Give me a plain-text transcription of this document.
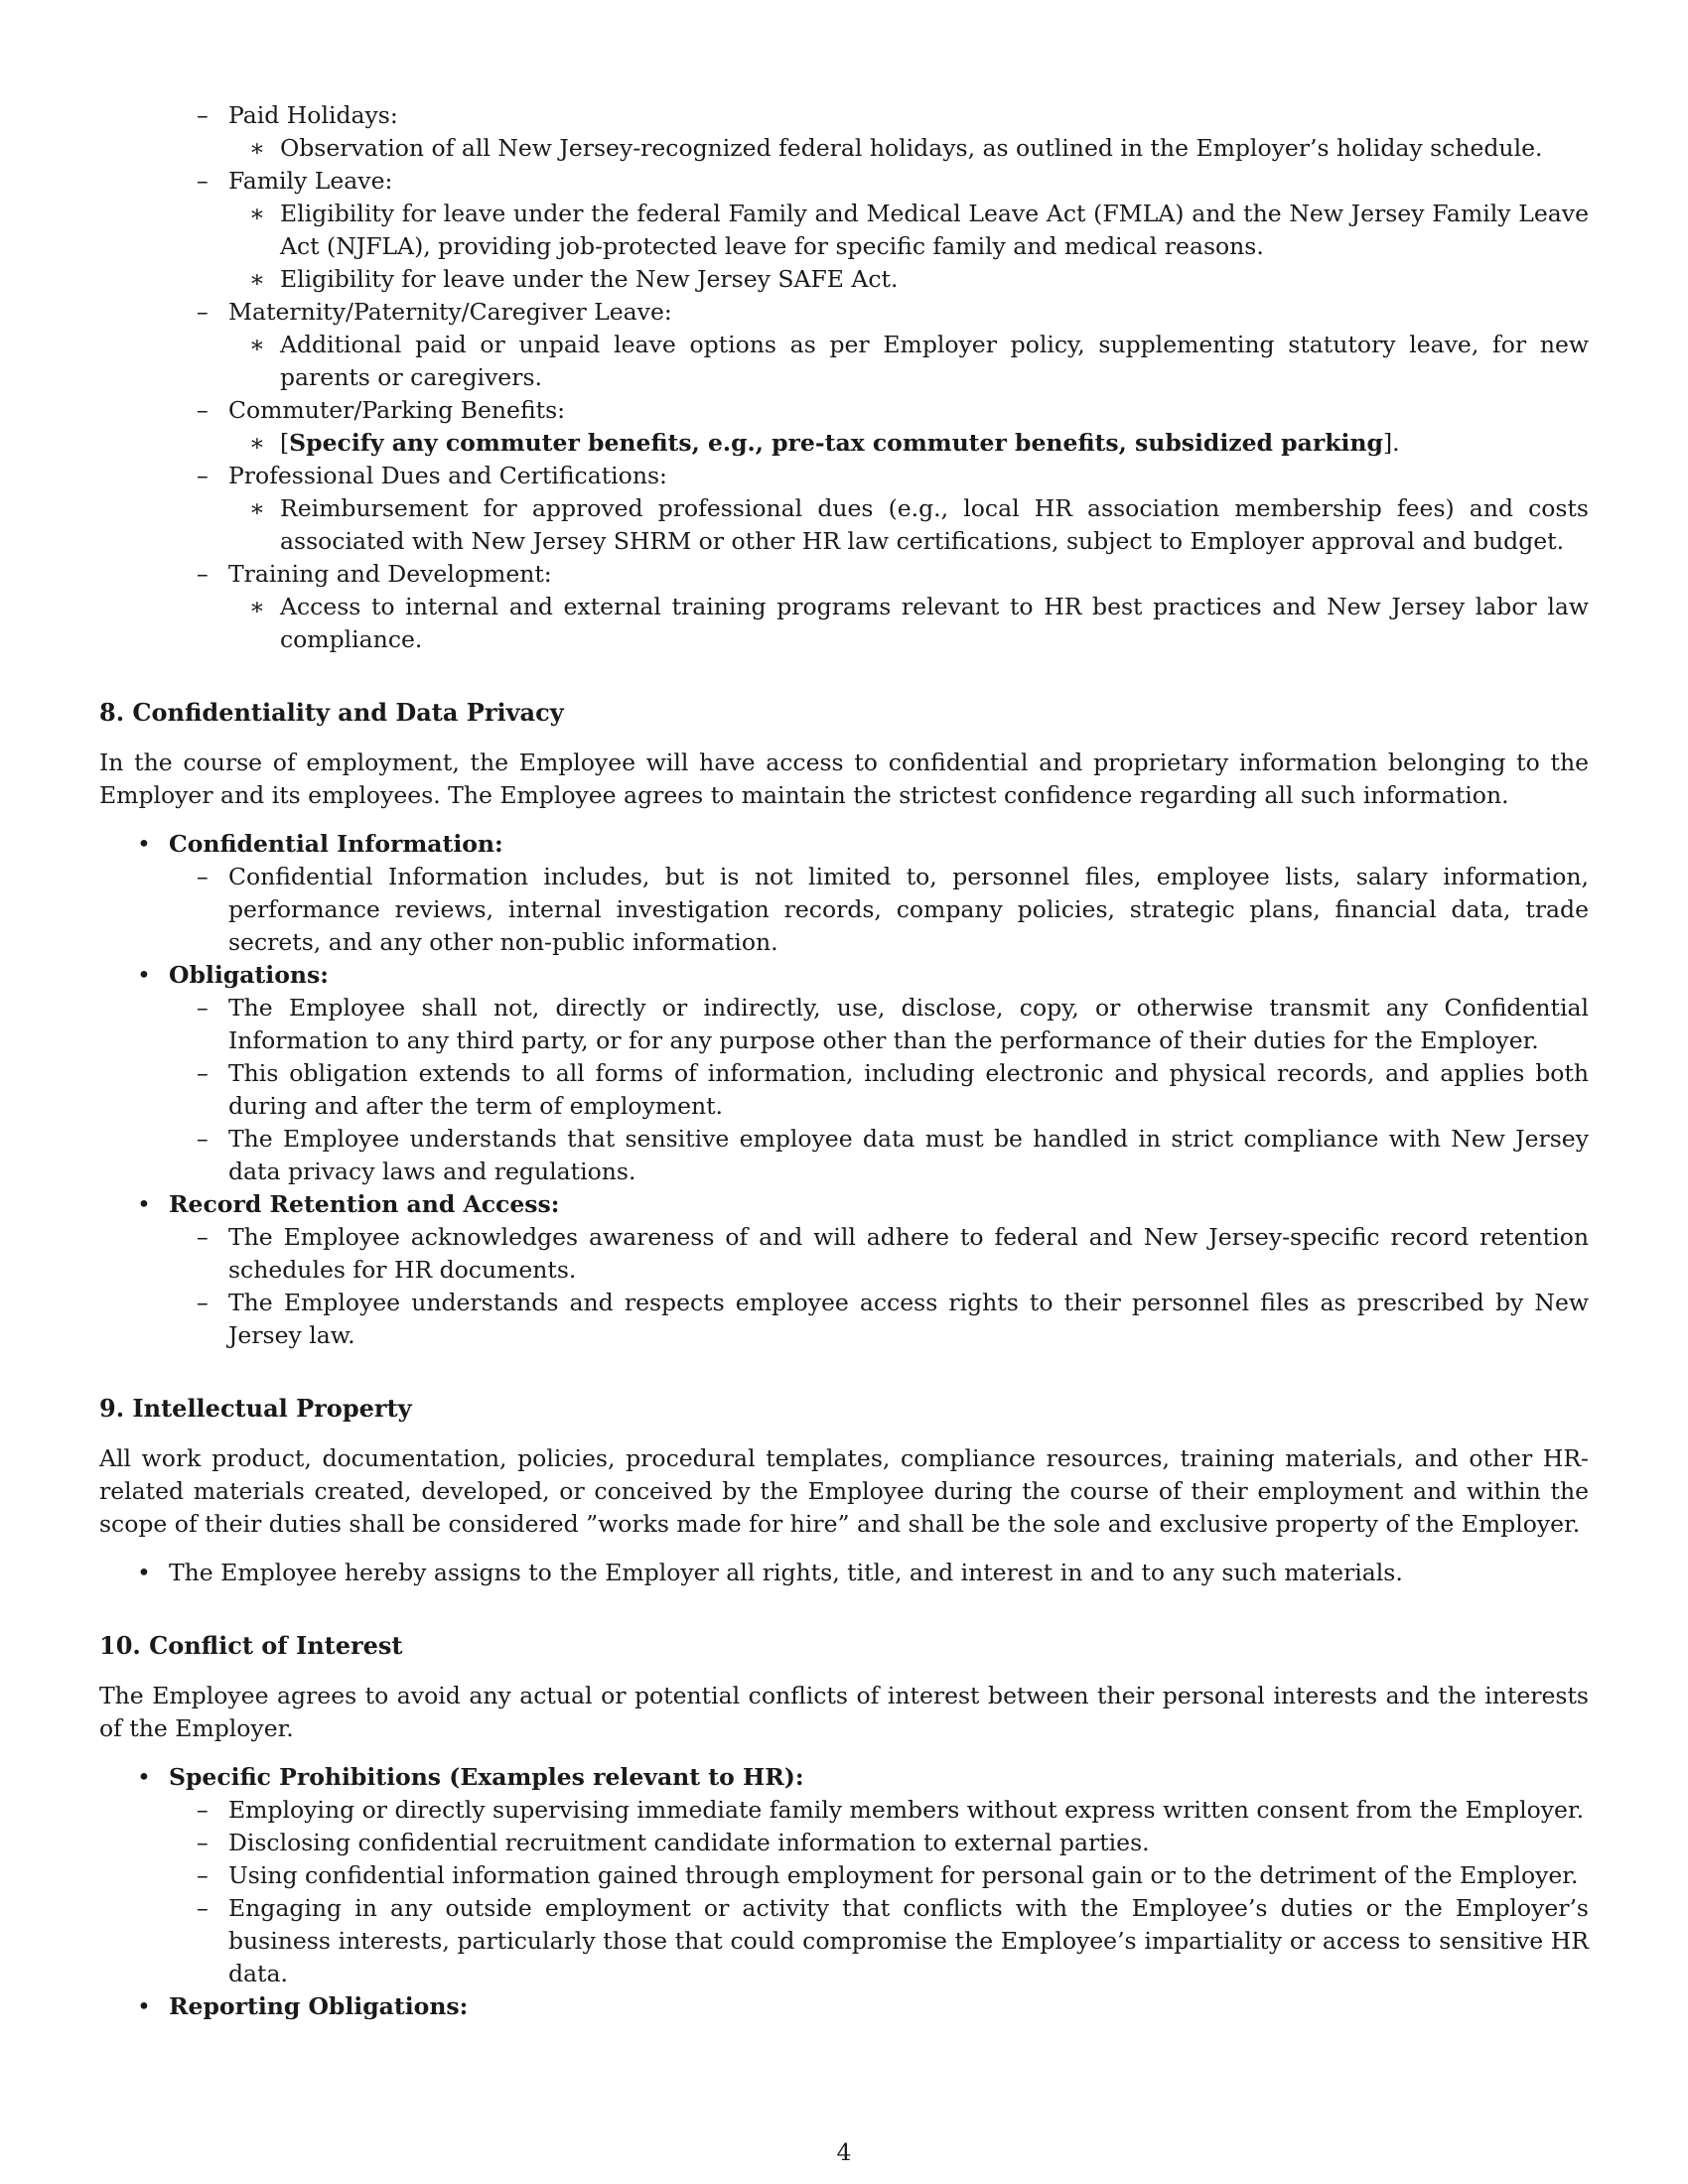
– Paid Holidays:
∗ Observation of all New Jersey-recognized federal holidays, as outlined in the Employer’s holiday schedule.
– Family Leave:
∗ Eligibility for leave under the federal Family and Medical Leave Act (FMLA) and the New Jersey Family Leave Act (NJFLA), providing job-protected leave for specific family and medical reasons.
∗ Eligibility for leave under the New Jersey SAFE Act.
– Maternity/Paternity/Caregiver Leave:
∗ Additional paid or unpaid leave options as per Employer policy, supplementing statutory leave, for new parents or caregivers.
– Commuter/Parking Benefits:
∗ [Specify any commuter benefits, e.g., pre-tax commuter benefits, subsidized parking].
– Professional Dues and Certifications:
∗ Reimbursement for approved professional dues (e.g., local HR association membership fees) and costs associated with New Jersey SHRM or other HR law certifications, subject to Employer approval and budget.
– Training and Development:
∗ Access to internal and external training programs relevant to HR best practices and New Jersey labor law compliance.
8. Confidentiality and Data Privacy

In the course of employment, the Employee will have access to confidential and proprietary information belonging to the Employer and its employees. The Employee agrees to maintain the strictest confidence regarding all such information.

• Confidential Information:
– Confidential Information includes, but is not limited to, personnel files, employee lists, salary information, performance reviews, internal investigation records, company policies, strategic plans, financial data, trade secrets, and any other non-public information.
• Obligations:
– The Employee shall not, directly or indirectly, use, disclose, copy, or otherwise transmit any Confidential Information to any third party, or for any purpose other than the performance of their duties for the Employer.
– This obligation extends to all forms of information, including electronic and physical records, and applies both during and after the term of employment.
– The Employee understands that sensitive employee data must be handled in strict compliance with New Jersey data privacy laws and regulations.
• Record Retention and Access:
– The Employee acknowledges awareness of and will adhere to federal and New Jersey-specific record retention schedules for HR documents.
– The Employee understands and respects employee access rights to their personnel files as prescribed by New Jersey law.
9. Intellectual Property

All work product, documentation, policies, procedural templates, compliance resources, training materials, and other HR-related materials created, developed, or conceived by the Employee during the course of their employment and within the scope of their duties shall be considered ”works made for hire” and shall be the sole and exclusive property of the Employer.

• The Employee hereby assigns to the Employer all rights, title, and interest in and to any such materials.
10. Conflict of Interest

The Employee agrees to avoid any actual or potential conflicts of interest between their personal interests and the interests of the Employer.

• Specific Prohibitions (Examples relevant to HR):
– Employing or directly supervising immediate family members without express written consent from the Employer.
– Disclosing confidential recruitment candidate information to external parties.
– Using confidential information gained through employment for personal gain or to the detriment of the Employer.
– Engaging in any outside employment or activity that conflicts with the Employee’s duties or the Employer’s business interests, particularly those that could compromise the Employee’s impartiality or access to sensitive HR data.
• Reporting Obligations:
4
